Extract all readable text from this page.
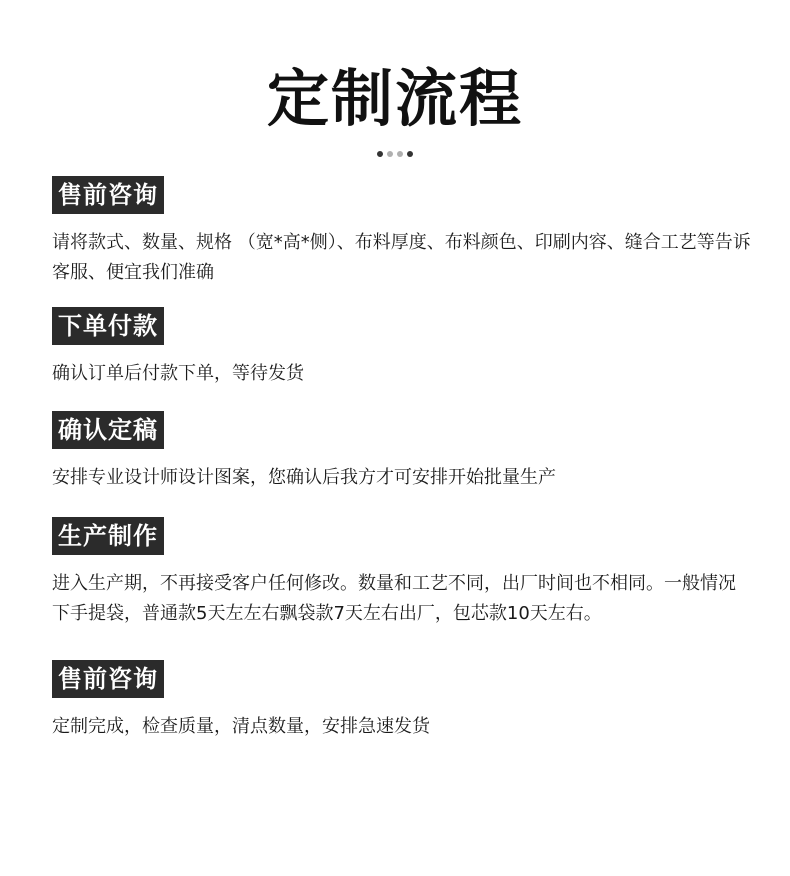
定制流程
售前咨询
请将款式、数量、规格 （宽*高*侧）、布料厚度、布料颜色、印刷内容、缝合工艺等告诉客服、便宜我们准确
下单付款
确认订单后付款下单，等待发货
确认定稿
安排专业设计师设计图案，您确认后我方才可安排开始批量生产
生产制作
进入生产期，不再接受客户任何修改。数量和工艺不同，出厂时间也不相同。一般情况下手提袋，普通款5天左左右飘袋款7天左右出厂，包芯款10天左右。
售前咨询
定制完成，检查质量，清点数量，安排急速发货
